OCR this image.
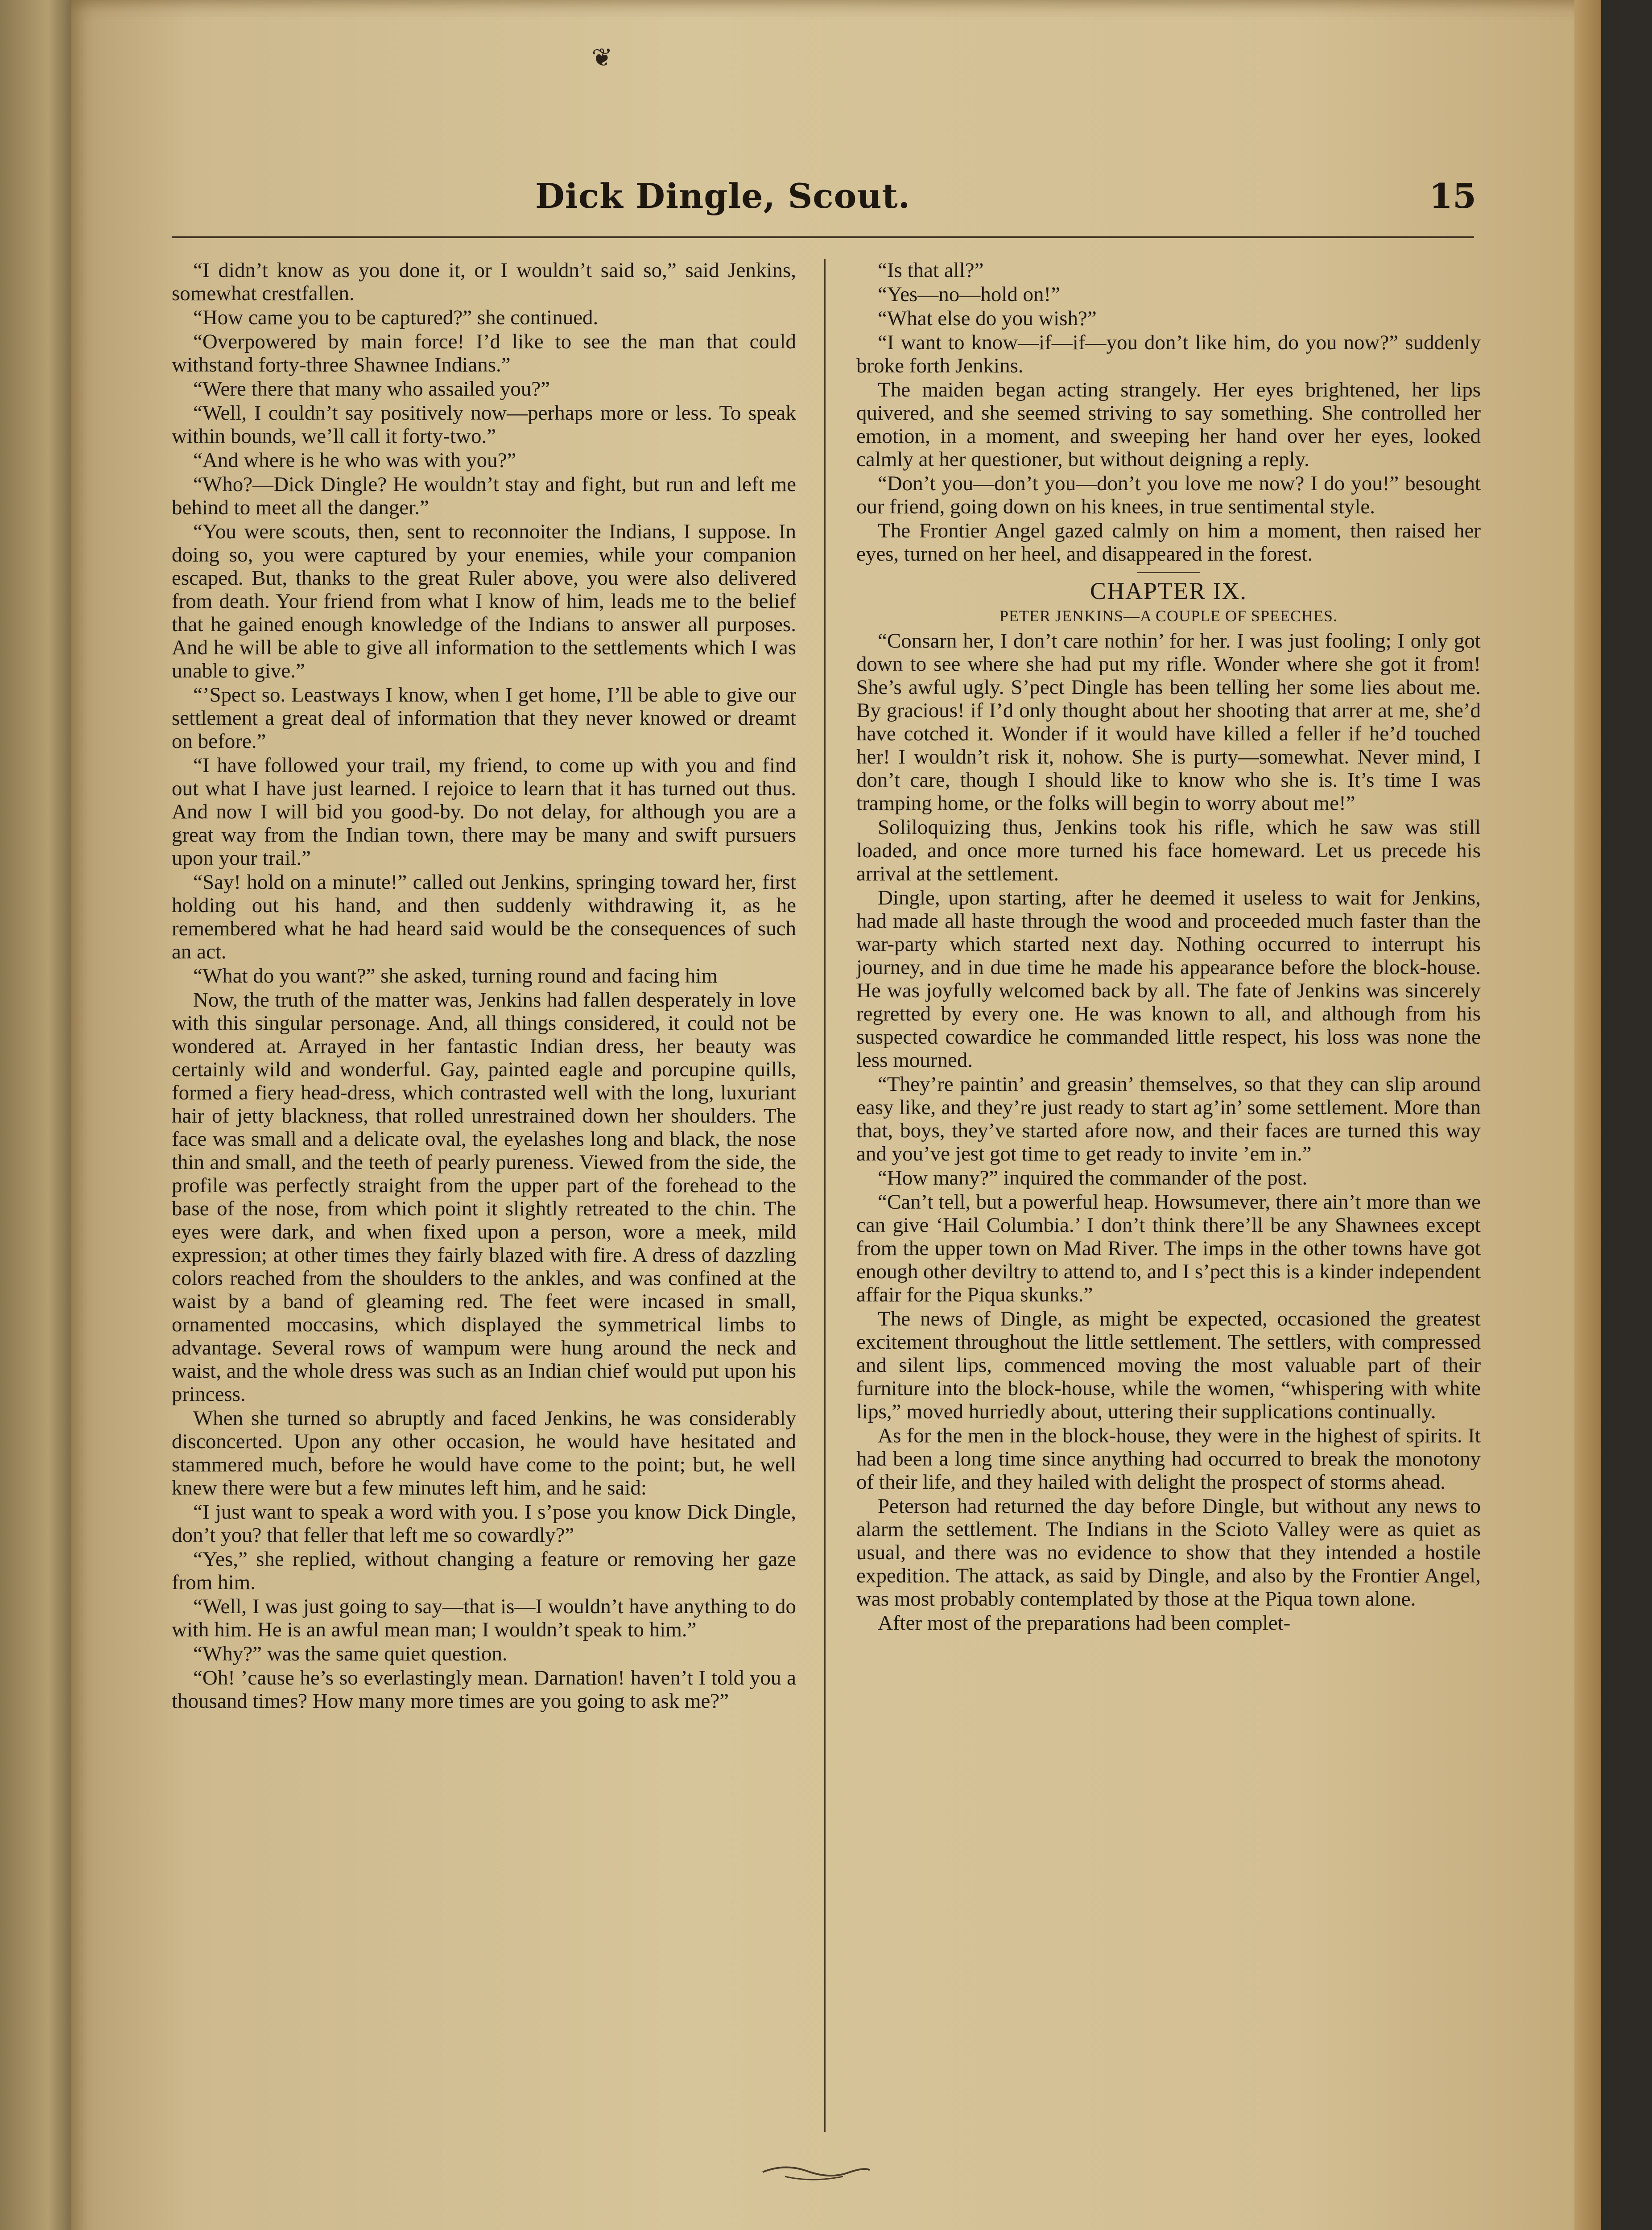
❦
Dick Dingle, Scout.	15

“I didn’t know as you done it, or I wouldn’t said so,” said Jenkins, somewhat crestfallen.

“How came you to be captured?” she continued.

“Overpowered by main force! I’d like to see the man that could withstand forty-three Shawnee Indians.”

“Were there that many who assailed you?”

“Well, I couldn’t say positively now—perhaps more or less. To speak within bounds, we’ll call it forty-two.”

“And where is he who was with you?”

“Who?—Dick Dingle? He wouldn’t stay and fight, but run and left me behind to meet all the danger.”

“You were scouts, then, sent to reconnoiter the Indians, I suppose. In doing so, you were captured by your enemies, while your companion escaped. But, thanks to the great Ruler above, you were also delivered from death. Your friend from what I know of him, leads me to the belief that he gained enough knowledge of the Indians to answer all purposes. And he will be able to give all information to the settlements which I was unable to give.”

“’Spect so. Leastways I know, when I get home, I’ll be able to give our settlement a great deal of information that they never knowed or dreamt on before.”

“I have followed your trail, my friend, to come up with you and find out what I have just learned. I rejoice to learn that it has turned out thus. And now I will bid you good-by. Do not delay, for although you are a great way from the Indian town, there may be many and swift pursuers upon your trail.”

“Say! hold on a minute!” called out Jenkins, springing toward her, first holding out his hand, and then suddenly withdrawing it, as he remembered what he had heard said would be the consequences of such an act.

“What do you want?” she asked, turning round and facing him

Now, the truth of the matter was, Jenkins had fallen desperately in love with this singular personage. And, all things considered, it could not be wondered at. Arrayed in her fantastic Indian dress, her beauty was certainly wild and wonderful. Gay, painted eagle and porcupine quills, formed a fiery head-dress, which contrasted well with the long, luxuriant hair of jetty blackness, that rolled unrestrained down her shoulders. The face was small and a delicate oval, the eyelashes long and black, the nose thin and small, and the teeth of pearly pureness. Viewed from the side, the profile was perfectly straight from the upper part of the forehead to the base of the nose, from which point it slightly retreated to the chin. The eyes were dark, and when fixed upon a person, wore a meek, mild expression; at other times they fairly blazed with fire. A dress of dazzling colors reached from the shoulders to the ankles, and was confined at the waist by a band of gleaming red. The feet were incased in small, ornamented moccasins, which displayed the symmetrical limbs to advantage. Several rows of wampum were hung around the neck and waist, and the whole dress was such as an Indian chief would put upon his princess.

When she turned so abruptly and faced Jenkins, he was considerably disconcerted. Upon any other occasion, he would have hesitated and stammered much, before he would have come to the point; but, he well knew there were but a few minutes left him, and he said:

“I just want to speak a word with you. I s’pose you know Dick Dingle, don’t you? that feller that left me so cowardly?”

“Yes,” she replied, without changing a feature or removing her gaze from him.

“Well, I was just going to say—that is—I wouldn’t have anything to do with him. He is an awful mean man; I wouldn’t speak to him.”

“Why?” was the same quiet question.

“Oh! ’cause he’s so everlastingly mean. Darnation! haven’t I told you a thousand times? How many more times are you going to ask me?”

“Is that all?”

“Yes—no—hold on!”

“What else do you wish?”

“I want to know—if—if—you don’t like him, do you now?” suddenly broke forth Jenkins.

The maiden began acting strangely. Her eyes brightened, her lips quivered, and she seemed striving to say something. She controlled her emotion, in a moment, and sweeping her hand over her eyes, looked calmly at her questioner, but without deigning a reply.

“Don’t you—don’t you—don’t you love me now? I do you!” besought our friend, going down on his knees, in true sentimental style.

The Frontier Angel gazed calmly on him a moment, then raised her eyes, turned on her heel, and disappeared in the forest.

CHAPTER IX.
PETER JENKINS—A COUPLE OF SPEECHES.

“Consarn her, I don’t care nothin’ for her. I was just fooling; I only got down to see where she had put my rifle. Wonder where she got it from! She’s awful ugly. S’pect Dingle has been telling her some lies about me. By gracious! if I’d only thought about her shooting that arrer at me, she’d have cotched it. Wonder if it would have killed a feller if he’d touched her! I wouldn’t risk it, nohow. She is purty—somewhat. Never mind, I don’t care, though I should like to know who she is. It’s time I was tramping home, or the folks will begin to worry about me!”

Soliloquizing thus, Jenkins took his rifle, which he saw was still loaded, and once more turned his face homeward. Let us precede his arrival at the settlement.

Dingle, upon starting, after he deemed it useless to wait for Jenkins, had made all haste through the wood and proceeded much faster than the war-party which started next day. Nothing occurred to interrupt his journey, and in due time he made his appearance before the block-house. He was joyfully welcomed back by all. The fate of Jenkins was sincerely regretted by every one. He was known to all, and although from his suspected cowardice he commanded little respect, his loss was none the less mourned.

“They’re paintin’ and greasin’ themselves, so that they can slip around easy like, and they’re just ready to start ag’in’ some settlement. More than that, boys, they’ve started afore now, and their faces are turned this way and you’ve jest got time to get ready to invite ’em in.”

“How many?” inquired the commander of the post.

“Can’t tell, but a powerful heap. Howsumever, there ain’t more than we can give ‘Hail Columbia.’ I don’t think there’ll be any Shawnees except from the upper town on Mad River. The imps in the other towns have got enough other deviltry to attend to, and I s’pect this is a kinder independent affair for the Piqua skunks.”

The news of Dingle, as might be expected, occasioned the greatest excitement throughout the little settlement. The settlers, with compressed and silent lips, commenced moving the most valuable part of their furniture into the block-house, while the women, “whispering with white lips,” moved hurriedly about, uttering their supplications continually.

As for the men in the block-house, they were in the highest of spirits. It had been a long time since anything had occurred to break the monotony of their life, and they hailed with delight the prospect of storms ahead.

Peterson had returned the day before Dingle, but without any news to alarm the settlement. The Indians in the Scioto Valley were as quiet as usual, and there was no evidence to show that they intended a hostile expedition. The attack, as said by Dingle, and also by the Frontier Angel, was most probably contemplated by those at the Piqua town alone.

After most of the preparations had been complet-
